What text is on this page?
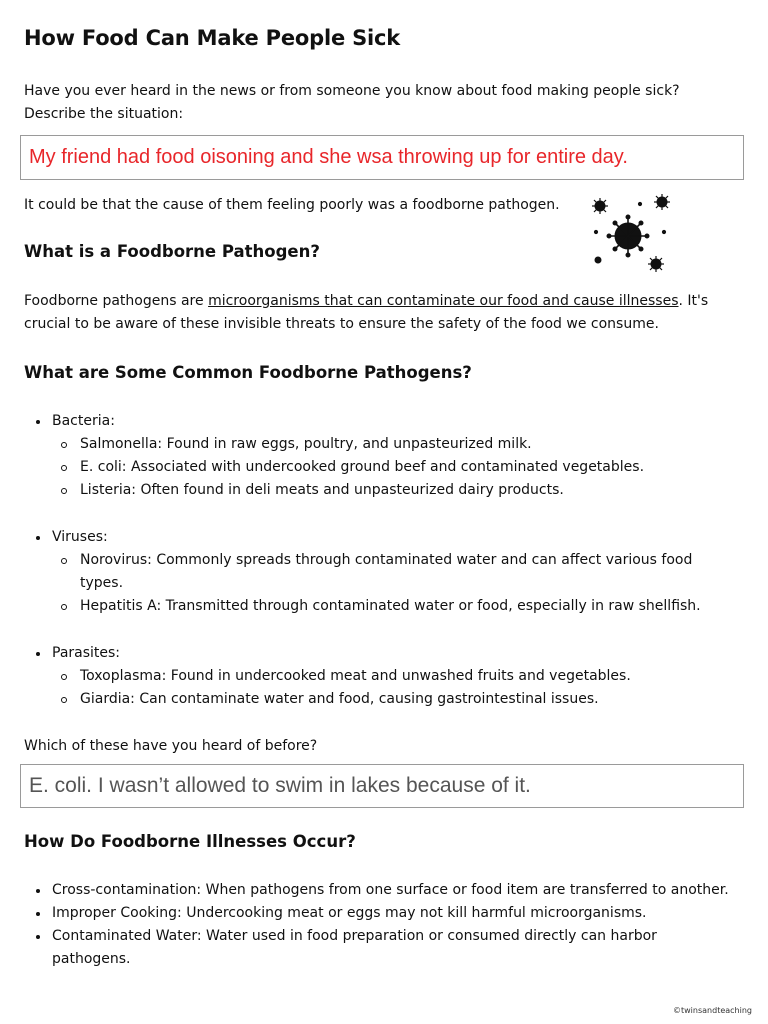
How Food Can Make People Sick

Have you ever heard in the news or from someone you know about food making people sick?

Describe the situation:

My friend had food oisoning and she wsa throwing up for entire day.

It could be that the cause of them feeling poorly was a foodborne pathogen.

What is a Foodborne Pathogen?

Foodborne pathogens are microorganisms that can contaminate our food and cause illnesses. It's

crucial to be aware of these invisible threats to ensure the safety of the food we consume.

What are Some Common Foodborne Pathogens?
Bacteria:
Salmonella: Found in raw eggs, poultry, and unpasteurized milk.
E. coli: Associated with undercooked ground beef and contaminated vegetables.
Listeria: Often found in deli meats and unpasteurized dairy products.
Viruses:
Norovirus: Commonly spreads through contaminated water and can affect various food types.
Hepatitis A: Transmitted through contaminated water or food, especially in raw shellfish.
Parasites:
Toxoplasma: Found in undercooked meat and unwashed fruits and vegetables.
Giardia: Can contaminate water and food, causing gastrointestinal issues.

Which of these have you heard of before?

E. coli. I wasn’t allowed to swim in lakes because of it.
How Do Foodborne Illnesses Occur?
Cross-contamination: When pathogens from one surface or food item are transferred to another.
Improper Cooking: Undercooking meat or eggs may not kill harmful microorganisms.
Contaminated Water: Water used in food preparation or consumed directly can harbor pathogens.
©twinsandteaching
